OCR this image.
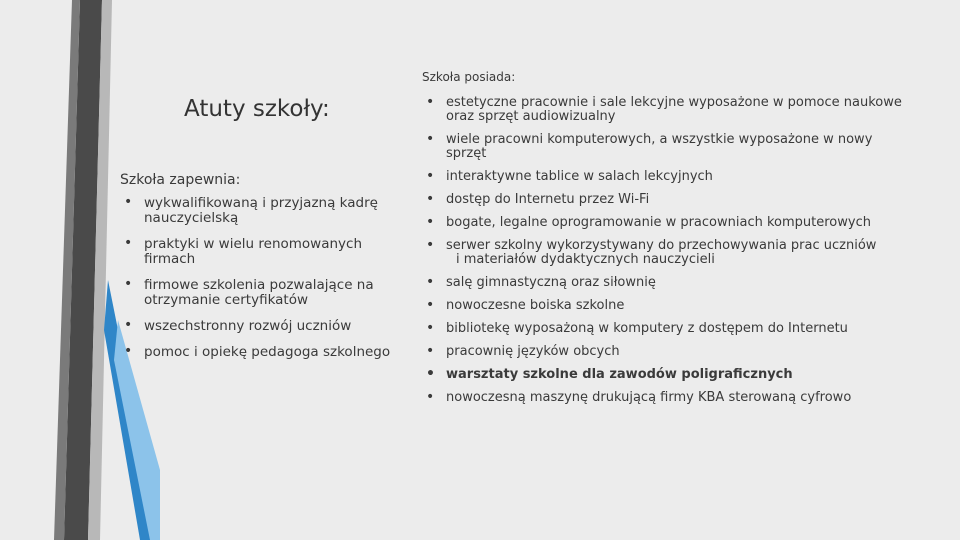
Atuty szkoły:
Szkoła zapewnia:
• wykwalifikowaną i przyjazną kadrę nauczycielską
• praktyki w wielu renomowanych firmach
• firmowe szkolenia pozwalające na otrzymanie certyfikatów
• wszechstronny rozwój uczniów
• pomoc i opiekę pedagoga szkolnego
Szkoła posiada:
• estetyczne pracownie i sale lekcyjne wyposażone w pomoce naukowe oraz sprzęt audiowizualny
• wiele pracowni komputerowych, a wszystkie wyposażone w nowy sprzęt
• interaktywne tablice w salach lekcyjnych
• dostęp do Internetu przez Wi-Fi
• bogate, legalne oprogramowanie w pracowniach komputerowych
• serwer szkolny wykorzystywany do przechowywania prac uczniów
i materiałów dydaktycznych nauczycieli
• salę gimnastyczną oraz siłownię
• nowoczesne boiska szkolne
• bibliotekę wyposażoną w komputery z dostępem do Internetu
• pracownię języków obcych
• warsztaty szkolne dla zawodów poligraficznych
• nowoczesną maszynę drukującą firmy KBA sterowaną cyfrowo
